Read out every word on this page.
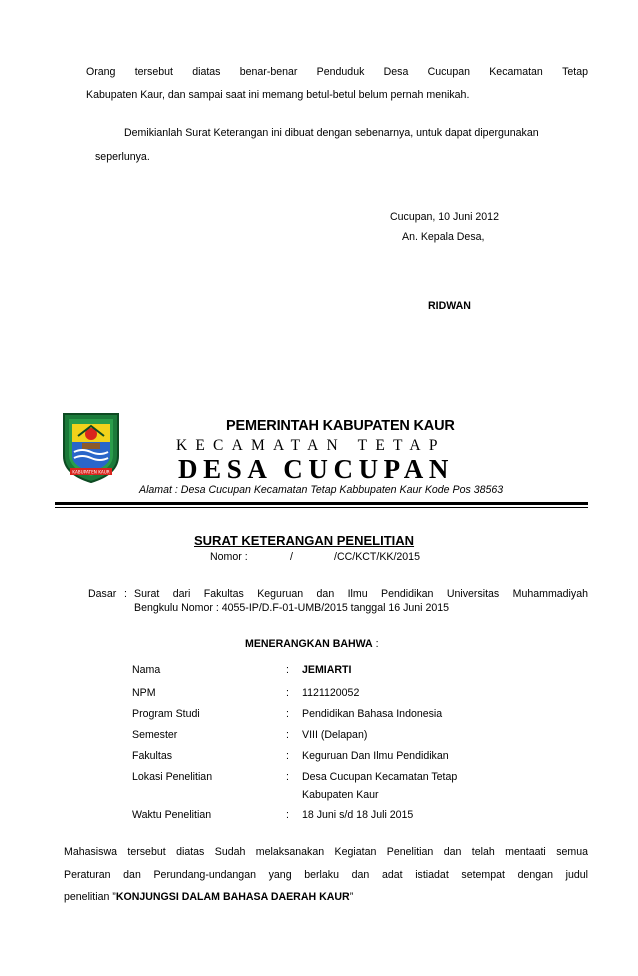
Orang tersebut diatas benar-benar Penduduk Desa Cucupan Kecamatan Tetap
Kabupaten Kaur, dan sampai saat ini memang betul-betul belum pernah menikah.
Demikianlah Surat Keterangan ini dibuat dengan sebenarnya, untuk dapat dipergunakan
seperlunya.
Cucupan, 10 Juni 2012
An. Kepala Desa,
RIDWAN
KABUPATEN KAUR
PEMERINTAH KABUPATEN KAUR
KECAMATAN TETAP
DESA CUCUPAN
Alamat : Desa Cucupan Kecamatan Tetap Kabbupaten Kaur Kode Pos 38563
SURAT KETERANGAN PENELITIAN
Nomor :	/	/CC/KCT/KK/2015
Dasar : Surat dari Fakultas Keguruan dan Ilmu Pendidikan Universitas Muhammadiyah
Bengkulu Nomor : 4055-IP/D.F-01-UMB/2015 tanggal 16 Juni 2015
MENERANGKAN BAHWA :
Nama	: JEMIARTI
NPM	: 1121120052
Program Studi	: Pendidikan Bahasa Indonesia
Semester	: VIII (Delapan)
Fakultas	: Keguruan Dan Ilmu Pendidikan
Lokasi Penelitian	: Desa Cucupan Kecamatan Tetap
Kabupaten Kaur
Waktu Penelitian	: 18 Juni s/d 18 Juli 2015
Mahasiswa tersebut diatas Sudah melaksanakan Kegiatan Penelitian dan telah mentaati semua
Peraturan dan Perundang-undangan yang berlaku dan adat istiadat setempat dengan judul
penelitian ”KONJUNGSI DALAM BAHASA DAERAH KAUR”
